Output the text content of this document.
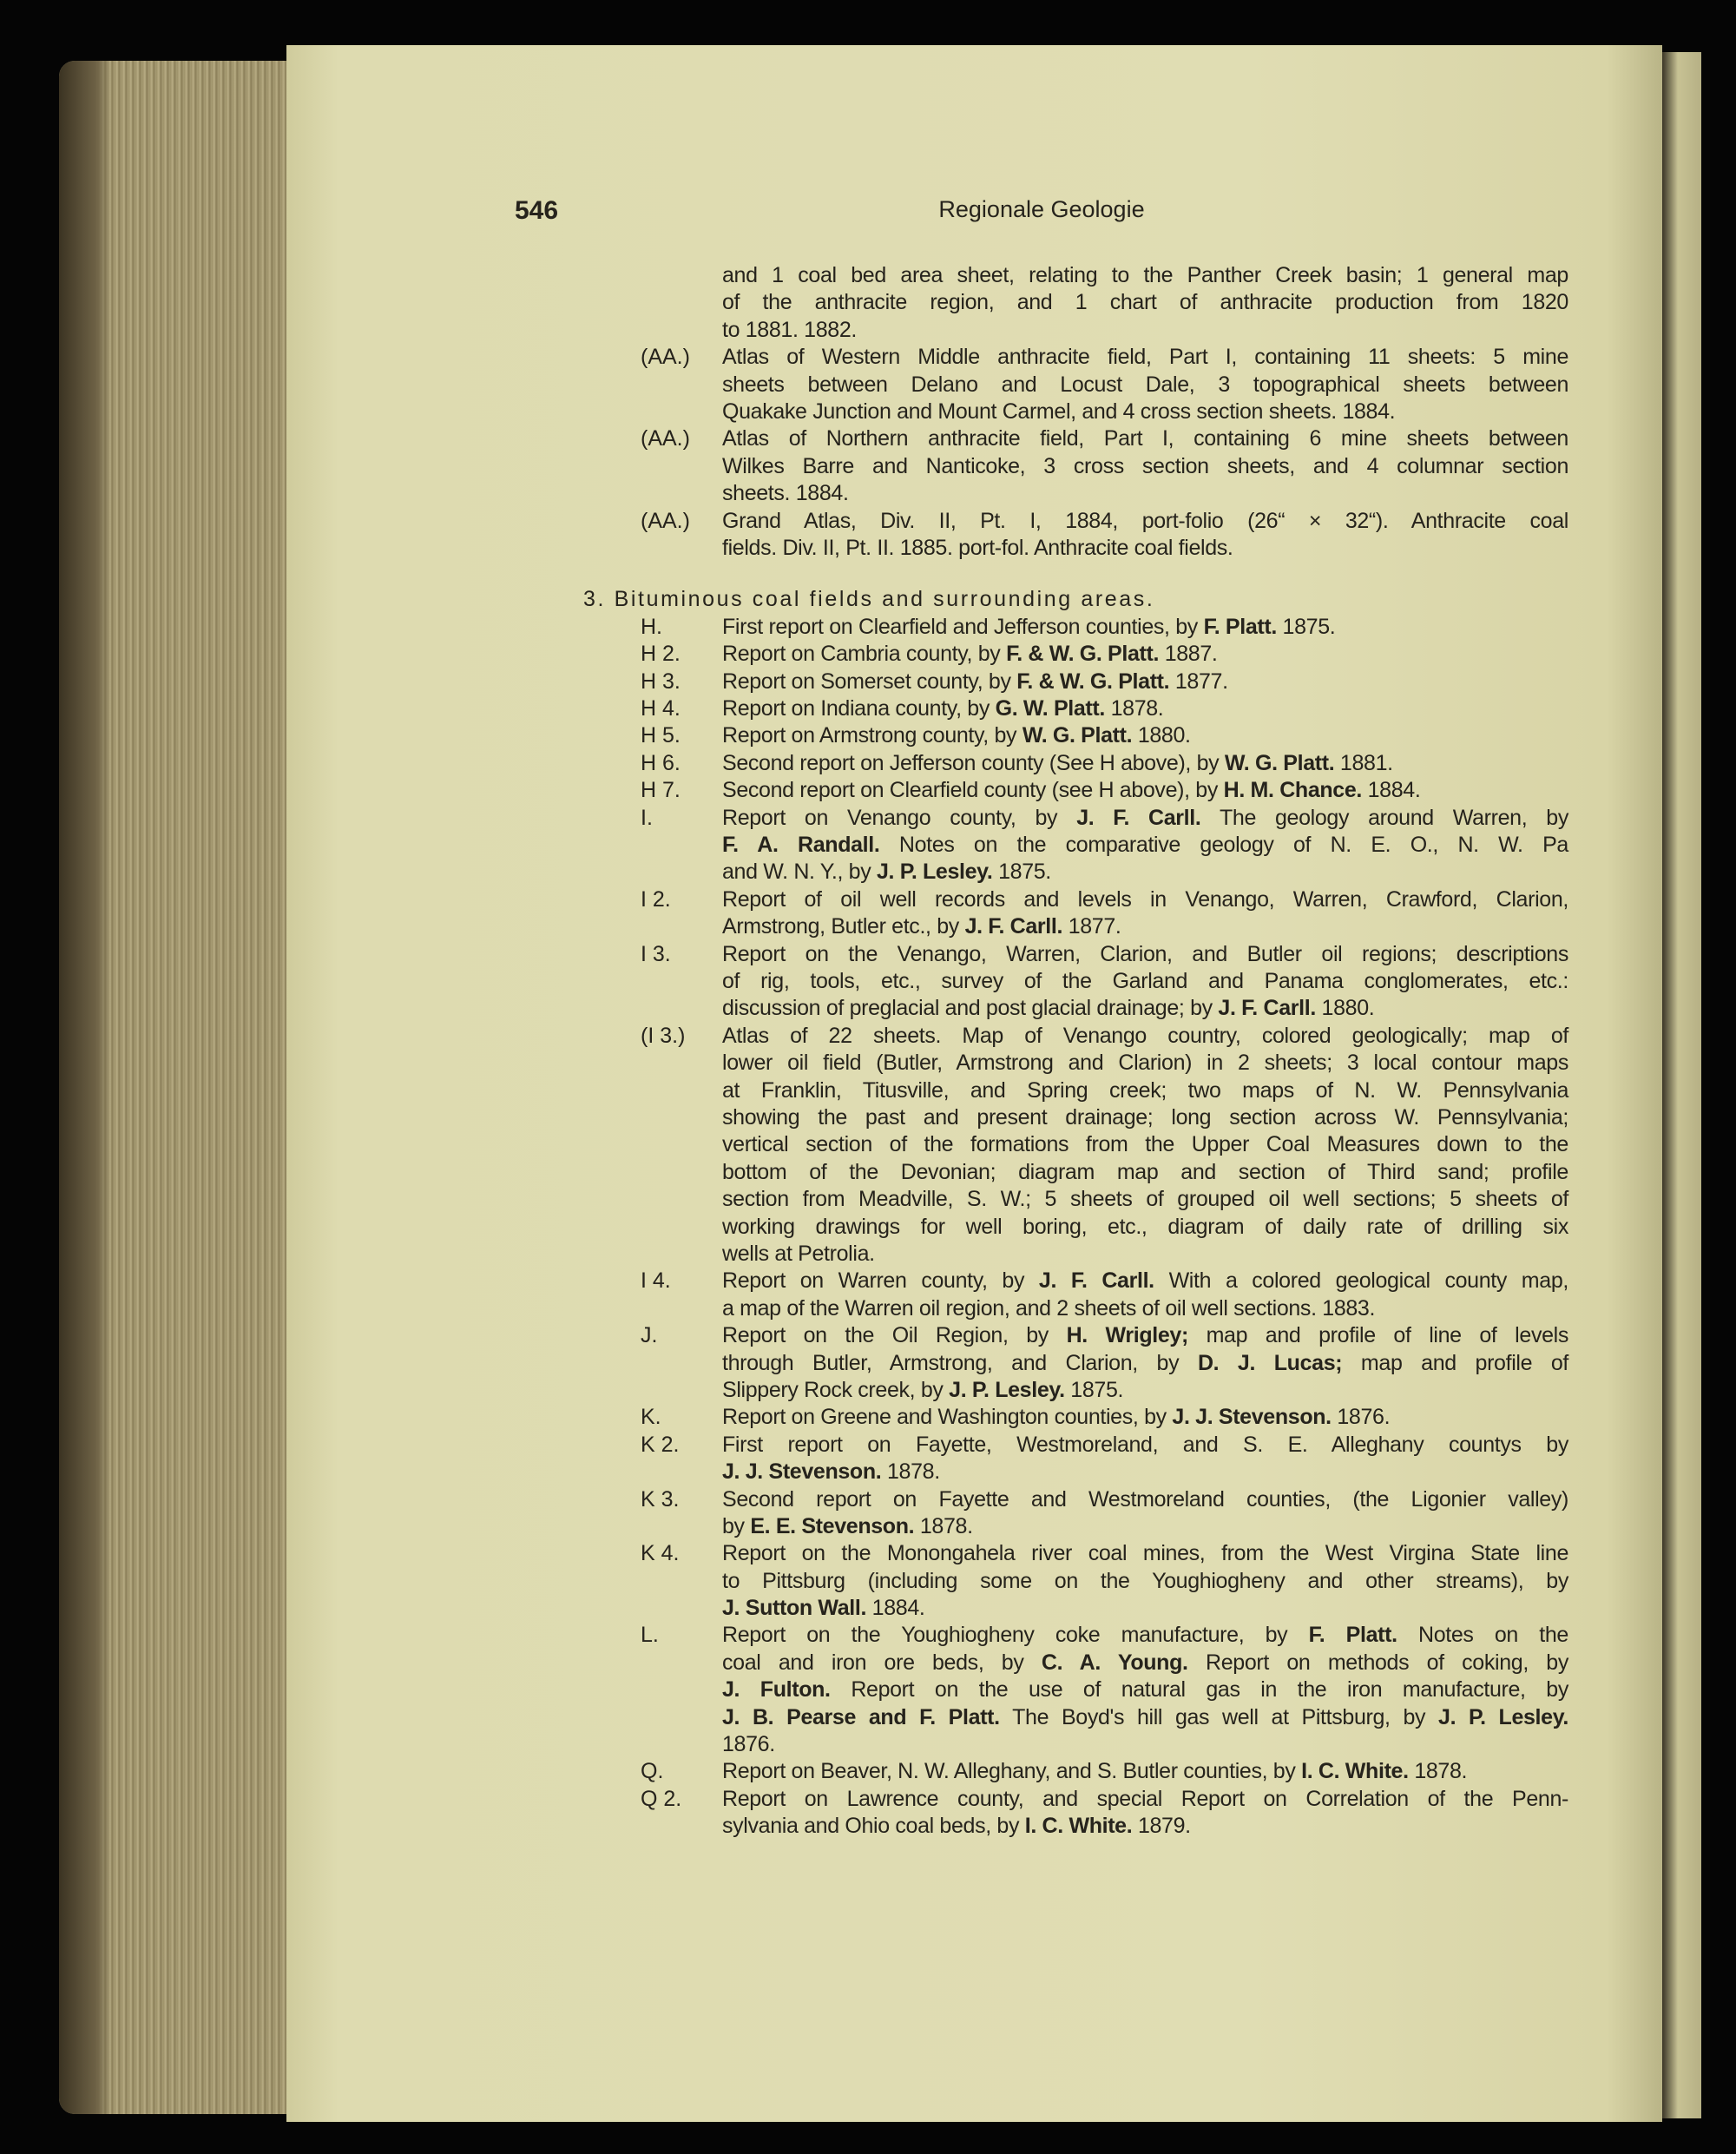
546	Regionale Geologie
and 1 coal bed area sheet, relating to the Panther Creek basin; 1 general map
of the anthracite region, and 1 chart of anthracite production from 1820
to 1881. 1882.
(AA.) Atlas of Western Middle anthracite field, Part I, containing 11 sheets: 5 mine
sheets between Delano and Locust Dale, 3 topographical sheets between
Quakake Junction and Mount Carmel, and 4 cross section sheets. 1884.
(AA.) Atlas of Northern anthracite field, Part I, containing 6 mine sheets between
Wilkes Barre and Nanticoke, 3 cross section sheets, and 4 columnar section
sheets. 1884.
(AA.) Grand Atlas, Div. II, Pt. I, 1884, port-folio (26“ × 32“). Anthracite coal
fields. Div. II, Pt. II. 1885. port-fol. Anthracite coal fields.
3. Bituminous coal fields and surrounding areas.
H.	First report on Clearfield and Jefferson counties, by F. Platt. 1875.
H 2. Report on Cambria county, by F. & W. G. Platt. 1887.
H 3. Report on Somerset county, by F. & W. G. Platt. 1877.
H 4. Report on Indiana county, by G. W. Platt. 1878.
H 5. Report on Armstrong county, by W. G. Platt. 1880.
H 6. Second report on Jefferson county (See H above), by W. G. Platt. 1881.
H 7. Second report on Clearfield county (see H above), by H. M. Chance. 1884.
I.	Report on Venango county, by J. F. Carll. The geology around Warren, by
F. A. Randall. Notes on the comparative geology of N. E. O., N. W. Pa
and W. N. Y., by J. P. Lesley. 1875.
I 2. Report of oil well records and levels in Venango, Warren, Crawford, Clarion,
Armstrong, Butler etc., by J. F. Carll. 1877.
I 3. Report on the Venango, Warren, Clarion, and Butler oil regions; descriptions
of rig, tools, etc., survey of the Garland and Panama conglomerates, etc.:
discussion of preglacial and post glacial drainage; by J. F. Carll. 1880.
(I 3.) Atlas of 22 sheets. Map of Venango country, colored geologically; map of
lower oil field (Butler, Armstrong and Clarion) in 2 sheets; 3 local contour maps
at Franklin, Titusville, and Spring creek; two maps of N. W. Pennsylvania
showing the past and present drainage; long section across W. Pennsylvania;
vertical section of the formations from the Upper Coal Measures down to the
bottom of the Devonian; diagram map and section of Third sand; profile
section from Meadville, S. W.; 5 sheets of grouped oil well sections; 5 sheets of
working drawings for well boring, etc., diagram of daily rate of drilling six
wells at Petrolia.
I 4. Report on Warren county, by J. F. Carll. With a colored geological county map,
a map of the Warren oil region, and 2 sheets of oil well sections. 1883.
J.	Report on the Oil Region, by H. Wrigley; map and profile of line of levels
through Butler, Armstrong, and Clarion, by D. J. Lucas; map and profile of
Slippery Rock creek, by J. P. Lesley. 1875.
K.	Report on Greene and Washington counties, by J. J. Stevenson. 1876.
K 2. First report on Fayette, Westmoreland, and S. E. Alleghany countys by
J. J. Stevenson. 1878.
K 3. Second report on Fayette and Westmoreland counties, (the Ligonier valley)
by E. E. Stevenson. 1878.
K 4. Report on the Monongahela river coal mines, from the West Virgina State line
to Pittsburg (including some on the Youghiogheny and other streams), by
J. Sutton Wall. 1884.
L.	Report on the Youghiogheny coke manufacture, by F. Platt. Notes on the
coal and iron ore beds, by C. A. Young. Report on methods of coking, by
J. Fulton. Report on the use of natural gas in the iron manufacture, by
J. B. Pearse and F. Platt. The Boyd's hill gas well at Pittsburg, by J. P. Lesley.
1876.
Q.	Report on Beaver, N. W. Alleghany, and S. Butler counties, by I. C. White. 1878.
Q 2. Report on Lawrence county, and special Report on Correlation of the Penn-
sylvania and Ohio coal beds, by I. C. White. 1879.
